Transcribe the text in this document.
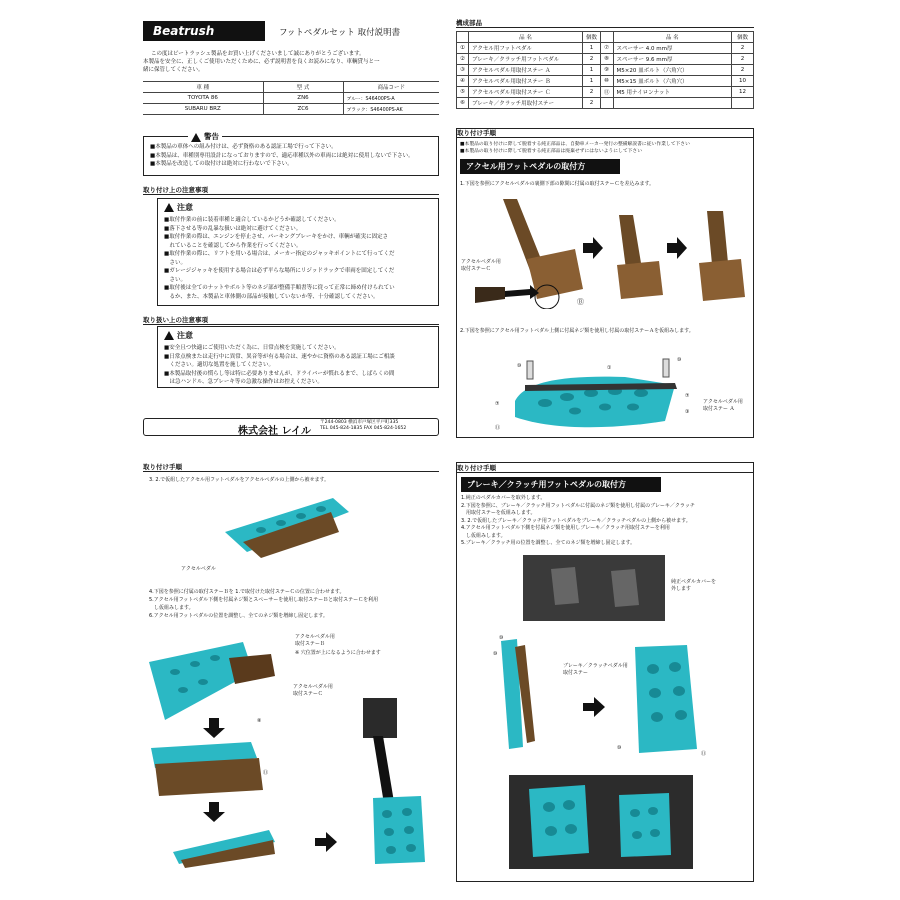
Beatrush	フットペダルセット 取付説明書
この度はビートラッシュ製品をお買い上げくださいまして誠にありがとうございます。
本製品を安全に、正しくご使用いただくために、必ず説明書を良くお読みになり、車輌貸与と一
緒に保管してください。
車 種	型 式	商品コード
TOYOTA 86	ZN6	ブルー：S46400PS-A
SUBARU BRZ	ZC6	ブラック：S46400PS-AK
警告

■本製品の車体への組み付けは、必ず資格のある認証工場で行って下さい。

■本製品は、車種別専用設計になっておりますので、適応車種以外の車両には絶対に使用しないで下さい。

■本製品を改造しての取付けは絶対に行わないで下さい。

取り付け上の注意事項
注意

■取付作業の前に装着車種と適合しているかどうか確認してください。

■落下させる等の乱暴な扱いは絶対に避けてください。

■取付作業の際は、エンジンを停止させ、パーキングブレーキをかけ、車輌が確実に固定さ

　れていることを確認してから作業を行ってください。

■取付作業の際に、リフトを用いる場合は、メーカー指定のジャッキポイントにて行ってくだ

　さい。

■ガレージジャッキを使用する場合は必ず平らな場所にリジッドラックで車両を固定してくだ

　さい。

■取付後は全てのナットやボルト等のネジ部が整備手順書等に従って正常に締め付けられてい

　るか、また、本製品と車体側の部品が接触していないか等、十分確認してください。

取り扱い上の注意事項
注意

■安全且つ快適にご使用いただく為に、日常点検を実施してください。

■日常点検または走行中に異常、異音等が有る場合は、速やかに資格のある認証工場にご相談

　ください。適切な処置を施してください。

■本製品取付後の慣らし等は特に必要ありませんが、ドライバーが慣れるまで、しばらくの間

　は急ハンドル、急ブレーキ等の急激な操作はお控えください。

株式会社 レイル
〒244-0803 横浜市戸塚区平戸町335
TEL 045-824-1835 FAX 045-824-1652
構成部品
	品 名	個数		品 名	個数
①	アクセル用フットペダル	1	⑦	スペーサー 4.0 mm厚	2
②	ブレーキ／クラッチ用フットペダル	2	⑧	スペーサー 9.6 mm厚	2
③	アクセルペダル用取付ステー Ａ	1	⑨	M5×20 皿ボルト（六角穴）	2
④	アクセルペダル用取付ステー Ｂ	1	⑩	M5×15 皿ボルト（六角穴）	10
⑤	アクセルペダル用取付ステー Ｃ	2	⑪	M5 用ナイロンナット	12
⑥	ブレーキ／クラッチ用取付ステー	2			
取り付け手順
■本製品の取り付けに際して脱着する純正部品は、自動車メーカー発行の整備解説書に従い作業して下さい
■本製品の取り付けに際して脱着する純正部品は廃棄せずにはないようにして下さい
アクセル用フットペダルの取付方
1.下図を参照にアクセルペダルの裏側下部の隙間に付属の取付ステーＣを差込みます。
アクセルペダル用
取付ステーＣ
Ⓑ
2.下図を参照にアクセル用フットペダル上側に付属ネジ類を使用し付属の取付ステーＡを仮組みします。
⑩	①
⑩
⑦
⑦
③
⑪
アクセルペダル用
取付ステー Ａ
取り付け手順
3. 2.で仮組したアクセル用フットペダルをアクセルペダルの上側から被せます。
アクセルペダル
4.下図を参照に付属の取付ステーＢを 1.で取付けた取付ステーＣの位置に合わせます。
5.アクセル用フットペダル下側を付属ネジ類とスペーサーを使用し取付ステーＢと取付ステーＣを利用
　し仮組みします。
6.アクセル用フットペダルの位置を調整し、全てのネジ類を増締し固定します。
アクセルペダル用
取付ステーＢ
※ 穴位置が上になるように合わせます
アクセルペダル用
取付ステーＣ
⑧
⑪
取り付け手順
ブレーキ／クラッチ用フットペダルの取付方
1.純正のペダルカバーを取外します。
2.下図を参照に、ブレーキ／クラッチ用フットペダルに付属のネジ類を使用し付属のブレーキ／クラッチ
　用取付ステーを仮組みします。
3. 2.で仮組したブレーキ／クラッチ用フットペダルをブレーキ／クラッチペダルの上側から被せます。
4.アクセル用フットペダル下側を付属ネジ類を使用しブレーキ／クラッチ用取付ステーを利用
　し仮組みします。
5.ブレーキ／クラッチ用の位置を調整し、全てのネジ類を増締し固定します。
純正ペダルカバーを
外します
⑩
⑩
ブレーキ／クラッチペダル用
取付ステー
⑩
⑪
